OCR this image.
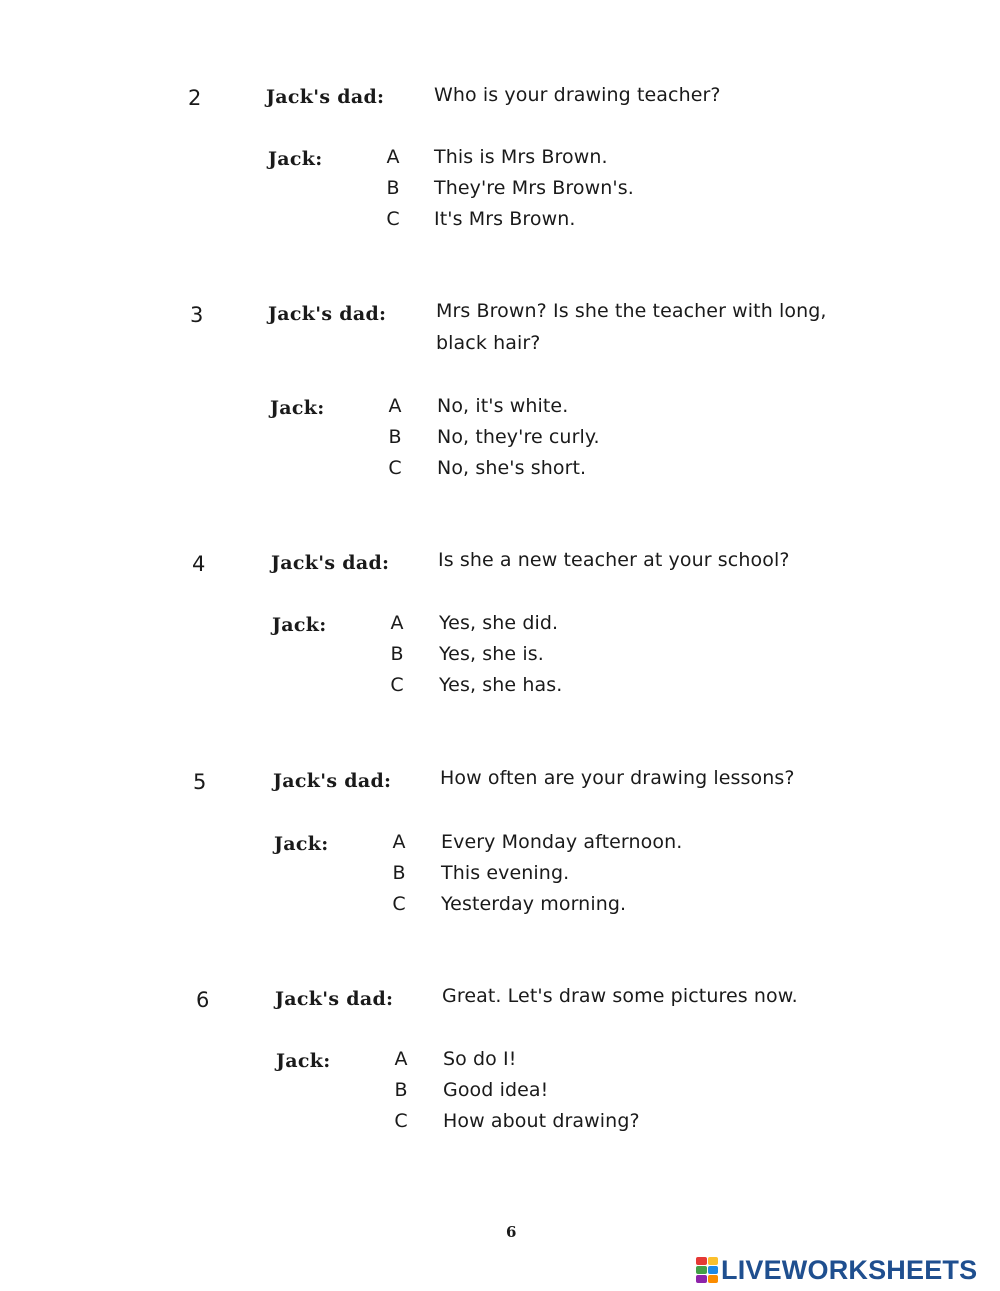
2	Jack's dad:	Who is your drawing teacher?
Jack:	A This is Mrs Brown.
B They're Mrs Brown's.
C It's Mrs Brown.
3	Jack's dad:	Mrs Brown? Is she the teacher with long,
black hair?
Jack:	A No, it's white.
B No, they're curly.
C No, she's short.
4	Jack's dad:	Is she a new teacher at your school?
Jack:	A Yes, she did.
B Yes, she is.
C Yes, she has.
5	Jack's dad:	How often are your drawing lessons?
Jack:	A Every Monday afternoon.
B This evening.
C Yesterday morning.
6	Jack's dad:	Great. Let's draw some pictures now.
Jack:	A So do I!
B Good idea!
C How about drawing?
6
LIVEWORKSHEETS
